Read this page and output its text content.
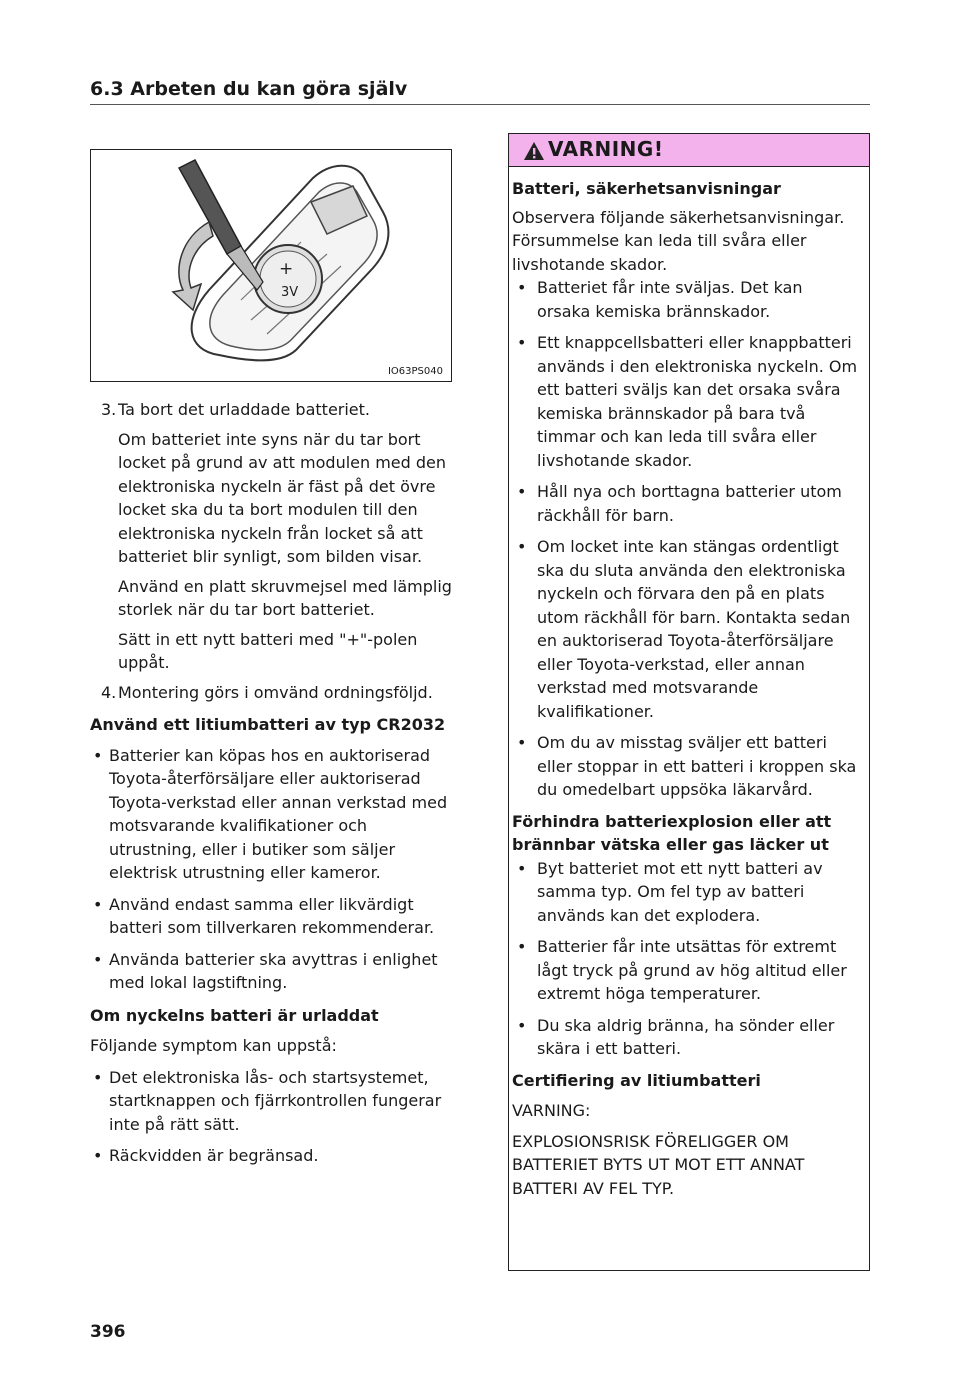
6.3 Arbeten du kan göra själv
+
3V
IO63PS040

3. Ta bort det urladdade batteriet.

Om batteriet inte syns när du tar bort locket på grund av att modulen med den elektroniska nyckeln är fäst på det övre locket ska du ta bort modulen till den elektroniska nyckeln från locket så att batteriet blir synligt, som bilden visar.

Använd en platt skruvmejsel med lämplig storlek när du tar bort batteriet.

Sätt in ett nytt batteri med "+"-polen uppåt.

4. Montering görs i omvänd ordningsföljd.

Använd ett litiumbatteri av typ CR2032

• Batterier kan köpas hos en auktoriserad Toyota-återförsäljare eller auktoriserad Toyota-verkstad eller annan verkstad med motsvarande kvalifikationer och utrustning, eller i butiker som säljer elektrisk utrustning eller kameror.
• Använd endast samma eller likvärdigt batteri som tillverkaren rekommenderar.
• Använda batterier ska avyttras i enlighet med lokal lagstiftning.

Om nyckelns batteri är urladdat

Följande symptom kan uppstå:

• Det elektroniska lås- och startsystemet, startknappen och fjärrkontrollen fungerar inte på rätt sätt.
• Räckvidden är begränsad.
VARNING!

Batteri, säkerhetsanvisningar

Observera följande säkerhetsanvisningar. Försummelse kan leda till svåra eller livshotande skador.

• Batteriet får inte sväljas. Det kan orsaka kemiska brännskador.
• Ett knappcellsbatteri eller knappbatteri används i den elektroniska nyckeln. Om ett batteri sväljs kan det orsaka svåra kemiska brännskador på bara två timmar och kan leda till svåra eller livshotande skador.
• Håll nya och borttagna batterier utom räckhåll för barn.
• Om locket inte kan stängas ordentligt ska du sluta använda den elektroniska nyckeln och förvara den på en plats utom räckhåll för barn. Kontakta sedan en auktoriserad Toyota-återförsäljare eller Toyota-verkstad, eller annan verkstad med motsvarande kvalifikationer.
• Om du av misstag sväljer ett batteri eller stoppar in ett batteri i kroppen ska du omedelbart uppsöka läkarvård.

Förhindra batteriexplosion eller att brännbar vätska eller gas läcker ut

• Byt batteriet mot ett nytt batteri av samma typ. Om fel typ av batteri används kan det explodera.
• Batterier får inte utsättas för extremt lågt tryck på grund av hög altitud eller extremt höga temperaturer.
• Du ska aldrig bränna, ha sönder eller skära i ett batteri.

Certifiering av litiumbatteri

VARNING:

EXPLOSIONSRISK FÖRELIGGER OM BATTERIET BYTS UT MOT ETT ANNAT BATTERI AV FEL TYP.

396
